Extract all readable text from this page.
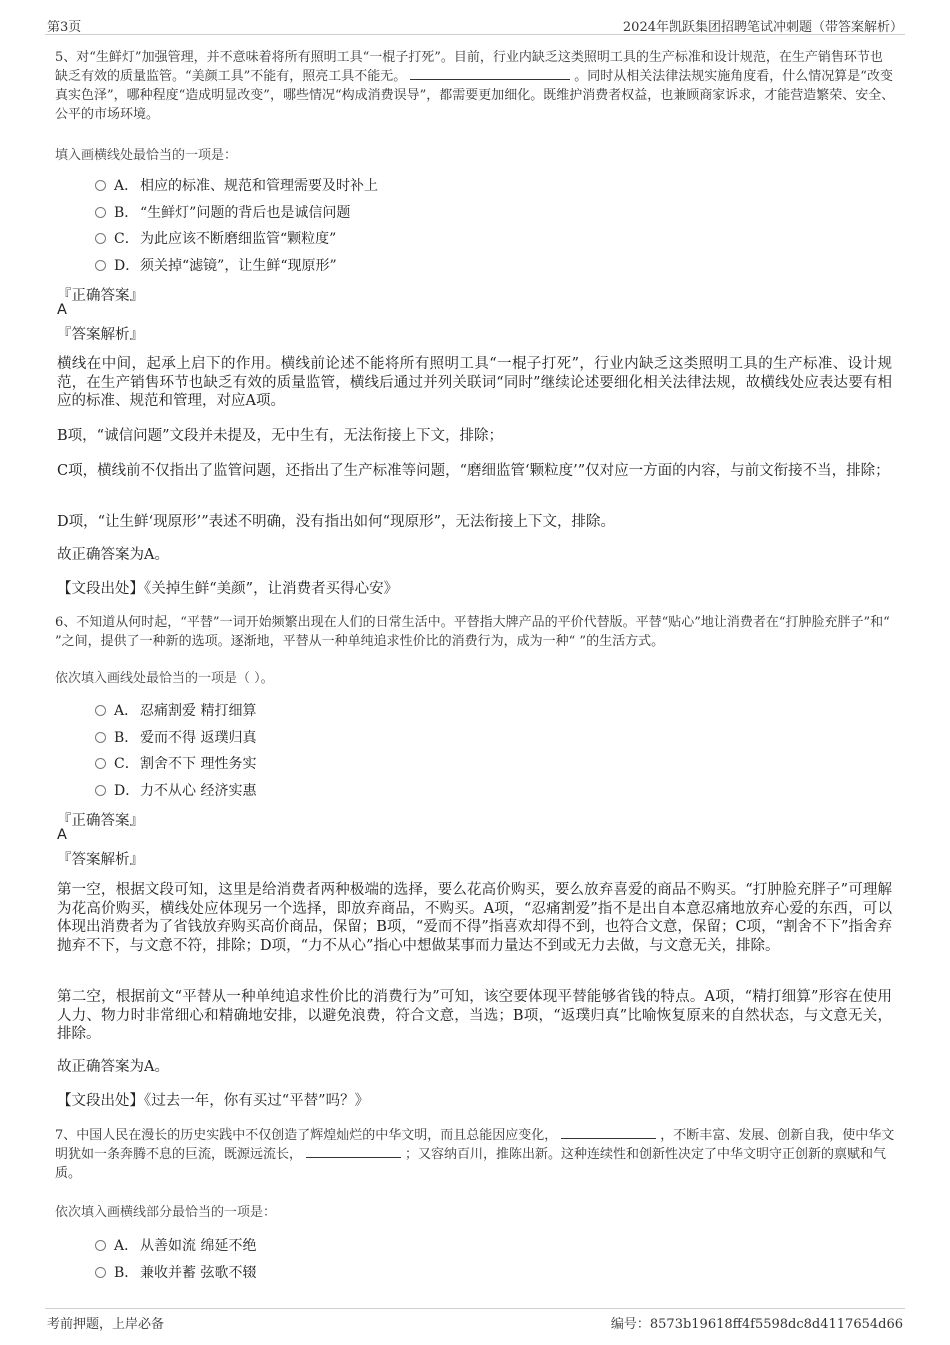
第3页	2024年凯跃集团招聘笔试冲刺题（带答案解析）
5、对“生鲜灯”加强管理，并不意味着将所有照明工具“一棍子打死”。目前，行业内缺乏这类照明工具的生产标准和设计规范，在生产销售环节也缺乏有效的质量监管。“美颜工具”不能有，照亮工具不能无。	。同时从相关法律法规实施角度看，什么情况算是“改变真实色泽”，哪种程度“造成明显改变”，哪些情况“构成消费误导”，都需要更加细化。既维护消费者权益，也兼顾商家诉求，才能营造繁荣、安全、公平的市场环境。
填入画横线处最恰当的一项是：
A． 相应的标准、规范和管理需要及时补上
B． “生鲜灯”问题的背后也是诚信问题
C．为此应该不断磨细监管“颗粒度”
D．须关掉“滤镜”，让生鲜“现原形”
『正确答案』
A
『答案解析』
横线在中间，起承上启下的作用。横线前论述不能将所有照明工具“一棍子打死”，行业内缺乏这类照明工具的生产标准、设计规范，在生产销售环节也缺乏有效的质量监管，横线后通过并列关联词“同时”继续论述要细化相关法律法规，故横线处应表达要有相应的标准、规范和管理，对应A项。
B项，“诚信问题”文段并未提及，无中生有，无法衔接上下文，排除；
C项，横线前不仅指出了监管问题，还指出了生产标准等问题，“磨细监管‘颗粒度’”仅对应一方面的内容，与前文衔接不当，排除；
D项，“让生鲜‘现原形’”表述不明确，没有指出如何“现原形”，无法衔接上下文，排除。
故正确答案为A。
【文段出处】《关掉生鲜“美颜”，让消费者买得心安》
6、不知道从何时起，“平替”一词开始频繁出现在人们的日常生活中。平替指大牌产品的平价代替版。平替“贴心”地让消费者在“打肿脸充胖子”和“ ”之间，提供了一种新的选项。逐渐地，平替从一种单纯追求性价比的消费行为，成为一种“ ”的生活方式。
依次填入画线处最恰当的一项是（ ）。
A． 忍痛割爱 精打细算
B． 爱而不得 返璞归真
C．割舍不下 理性务实
D．力不从心 经济实惠
『正确答案』
A
『答案解析』
第一空，根据文段可知，这里是给消费者两种极端的选择，要么花高价购买，要么放弃喜爱的商品不购买。“打肿脸充胖子”可理解为花高价购买，横线处应体现另一个选择，即放弃商品，不购买。A项，“忍痛割爱”指不是出自本意忍痛地放弃心爱的东西，可以体现出消费者为了省钱放弃购买高价商品，保留；B项，“爱而不得”指喜欢却得不到，也符合文意，保留；C项，“割舍不下”指舍弃抛弃不下，与文意不符，排除；D项，“力不从心”指心中想做某事而力量达不到或无力去做，与文意无关，排除。
第二空，根据前文“平替从一种单纯追求性价比的消费行为”可知，该空要体现平替能够省钱的特点。A项，“精打细算”形容在使用人力、物力时非常细心和精确地安排，以避免浪费，符合文意，当选；B项，“返璞归真”比喻恢复原来的自然状态，与文意无关，排除。
故正确答案为A。
【文段出处】《过去一年，你有买过“平替”吗？》
7、中国人民在漫长的历史实践中不仅创造了辉煌灿烂的中华文明，而且总能因应变化，	，不断丰富、发展、创新自我，使中华文明犹如一条奔腾不息的巨流，既源远流长，	；又容纳百川，推陈出新。这种连续性和创新性决定了中华文明守正创新的禀赋和气质。
依次填入画横线部分最恰当的一项是：
A． 从善如流 绵延不绝
B． 兼收并蓄 弦歌不辍
考前押题，上岸必备	编号：8573b19618ff4f5598dc8d4117654d66
